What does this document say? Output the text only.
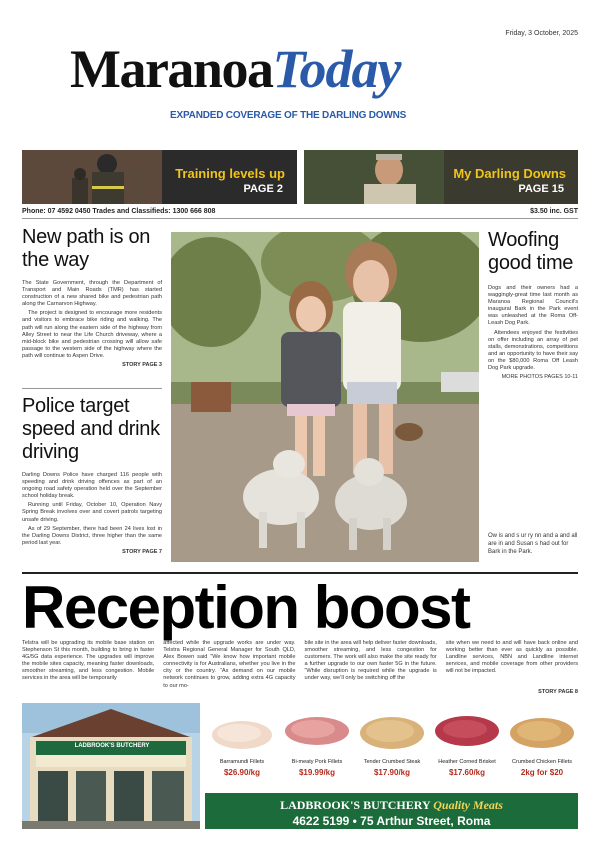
Friday, 3 October, 2025
MaranoaToday
EXPANDED COVERAGE OF THE DARLING DOWNS
Training levels up
PAGE 2
My Darling Downs
PAGE 15
Phone: 07 4592 0450 Trades and Classifieds: 1300 666 808	$3.50 inc. GST
New path is on the way

The State Government, through the Department of Transport and Main Roads (TMR) has started construction of a new shared bike and pedestrian path along the Carnarvon Highway.

The project is designed to encourage more residents and visitors to embrace bike riding and walking. The path will run along the eastern side of the highway from Alley Street to near the Life Church driveway, where a mid-block bike and pedestrian crossing will allow safe passage to the western side of the highway where the path will continue to Aspen Drive.

STORY PAGE 3
Police target speed and drink driving

Darling Downs Police have charged 116 people with speeding and drink driving offences as part of an ongoing road safety operation held over the September school holiday break.

Running until Friday, October 10, Operation Navy Spring Break involves over and covert patrols targeting unsafe driving.

As of 29 September, there had been 24 lives lost in the Darling Downs District, three higher than the same period last year.

STORY PAGE 7
Woofing good time

Dogs and their owners had a waggingly-great time last month as Maranoa Regional Council’s inaugural Bark in the Park event was unleashed at the Roma Off-Leash Dog Park.

Attendees enjoyed the festivities on offer including an array of pet stalls, demonstrations, competitions and an opportunity to have their say on the $80,000 Roma Off Leash Dog Park upgrade.

MORE PHOTOS PAGES 10-11
Ow is and s ur ry nn and a and all are in and Susan s had out for Bark in the Park.
Reception boost
Telstra will be upgrading its mobile base station on Stephenson St this month, building to bring in faster 4G/5G data experience. The upgrades will improve the mobile sites capacity, meaning faster downloads, smoother streaming, and less congestion. Mobile services in the area will be temporarily
affected while the upgrade works are under way. Telstra Regional General Manager for South QLD, Alex Bowen said “We know how important mobile connectivity is for Australians, whether you live in the city or the country. “As demand on our mobile network continues to grow, adding extra 4G capacity to our mo-
bile site in the area will help deliver faster downloads, smoother streaming, and less congestion for customers. The work will also make the site ready for a further upgrade to our own faster 5G in the future. “While disruption is required while the upgrade is under way, we’ll only be switching off the
site when we need to and will have back online and working better than ever as quickly as possible. Landline services, NBN and Landline internet services, and mobile coverage from other providers will not be impacted.
STORY PAGE 8
LADBROOK'S BUTCHERY
Barramundi Fillets
$26.90/kg
Bi-meaty Pork Fillets
$19.99/kg
Tender Crumbed Steak
$17.90/kg
Heather Corned Brisket
$17.60/kg
Crumbed Chicken Fillets
2kg for $20
LADBROOK'S BUTCHERY Quality Meats
4622 5199 • 75 Arthur Street, Roma
